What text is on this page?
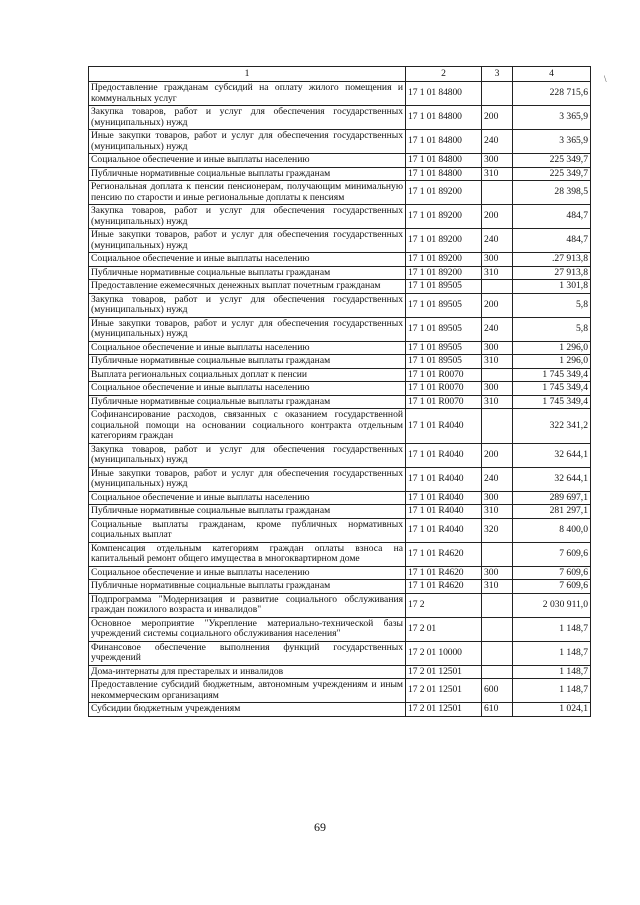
1	2	3	4
Предоставление гражданам субсидий на оплату жилого помещения и коммунальных услуг	17 1 01 84800		228 715,6
Закупка товаров, работ и услуг для обеспечения государственных (муниципальных) нужд	17 1 01 84800	200	3 365,9
Иные закупки товаров, работ и услуг для обеспечения государственных (муниципальных) нужд	17 1 01 84800	240	3 365,9
Социальное обеспечение и иные выплаты населению	17 1 01 84800	300	225 349,7
Публичные нормативные социальные выплаты гражданам	17 1 01 84800	310	225 349,7
Региональная доплата к пенсии пенсионерам, получающим минимальную пенсию по старости и иные региональные доплаты к пенсиям	17 1 01 89200		28 398,5
Закупка товаров, работ и услуг для обеспечения государственных (муниципальных) нужд	17 1 01 89200	200	484,7
Иные закупки товаров, работ и услуг для обеспечения государственных (муниципальных) нужд	17 1 01 89200	240	484,7
Социальное обеспечение и иные выплаты населению	17 1 01 89200	300	.27 913,8
Публичные нормативные социальные выплаты гражданам	17 1 01 89200	310	27 913,8
Предоставление ежемесячных денежных выплат почетным гражданам	17 1 01 89505		1 301,8
Закупка товаров, работ и услуг для обеспечения государственных (муниципальных) нужд	17 1 01 89505	200	5,8
Иные закупки товаров, работ и услуг для обеспечения государственных (муниципальных) нужд	17 1 01 89505	240	5,8
Социальное обеспечение и иные выплаты населению	17 1 01 89505	300	1 296,0
Публичные нормативные социальные выплаты гражданам	17 1 01 89505	310	1 296,0
Выплата региональных социальных доплат к пенсии	17 1 01 R0070		1 745 349,4
Социальное обеспечение и иные выплаты населению	17 1 01 R0070	300	1 745 349,4
Публичные нормативные социальные выплаты гражданам	17 1 01 R0070	310	1 745 349,4
Софинансирование расходов, связанных с оказанием государственной социальной помощи на основании социального контракта отдельным категориям граждан	17 1 01 R4040		322 341,2
Закупка товаров, работ и услуг для обеспечения государственных (муниципальных) нужд	17 1 01 R4040	200	32 644,1
Иные закупки товаров, работ и услуг для обеспечения государственных (муниципальных) нужд	17 1 01 R4040	240	32 644,1
Социальное обеспечение и иные выплаты населению	17 1 01 R4040	300	289 697,1
Публичные нормативные социальные выплаты гражданам	17 1 01 R4040	310	281 297,1
Социальные выплаты гражданам, кроме публичных нормативных социальных выплат	17 1 01 R4040	320	8 400,0
Компенсация отдельным категориям граждан оплаты взноса на капитальный ремонт общего имущества в многоквартирном доме	17 1 01 R4620		7 609,6
Социальное обеспечение и иные выплаты населению	17 1 01 R4620	300	7 609,6
Публичные нормативные социальные выплаты гражданам	17 1 01 R4620	310	7 609,6
Подпрограмма "Модернизация и развитие социального обслуживания граждан пожилого возраста и инвалидов"	17 2		2 030 911,0
Основное мероприятие "Укрепление материально-технической базы учреждений системы социального обслуживания населения"	17 2 01		1 148,7
Финансовое обеспечение выполнения функций государственных учреждений	17 2 01 10000		1 148,7
Дома-интернаты для престарелых и инвалидов	17 2 01 12501		1 148,7
Предоставление субсидий бюджетным, автономным учреждениям и иным некоммерческим организациям	17 2 01 12501	600	1 148,7
Субсидии бюджетным учреждениям	17 2 01 12501	610	1 024,1
\
69
